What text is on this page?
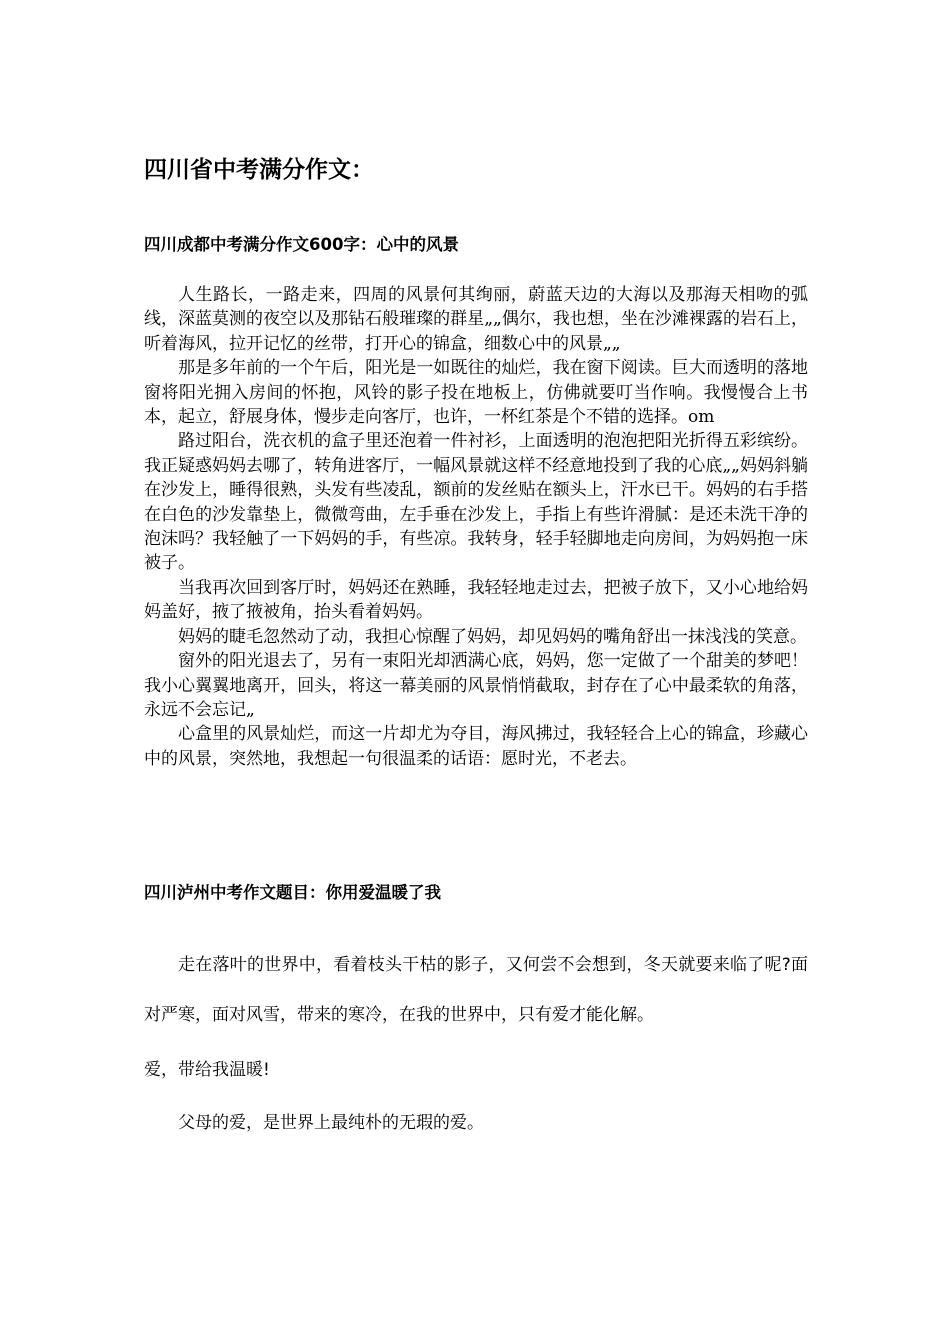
四川省中考满分作文：
四川成都中考满分作文600字：心中的风景

人生路长，一路走来，四周的风景何其绚丽，蔚蓝天边的大海以及那海天相吻的弧线，深蓝莫测的夜空以及那钻石般璀璨的群星„„偶尔，我也想，坐在沙滩裸露的岩石上，听着海风，拉开记忆的丝带，打开心的锦盒，细数心中的风景„„

那是多年前的一个午后，阳光是一如既往的灿烂，我在窗下阅读。巨大而透明的落地窗将阳光拥入房间的怀抱，风铃的影子投在地板上，仿佛就要叮当作响。我慢慢合上书本，起立，舒展身体，慢步走向客厅，也许，一杯红茶是个不错的选择。om

路过阳台，洗衣机的盒子里还泡着一件衬衫，上面透明的泡泡把阳光折得五彩缤纷。我正疑惑妈妈去哪了，转角进客厅，一幅风景就这样不经意地投到了我的心底„„妈妈斜躺在沙发上，睡得很熟，头发有些凌乱，额前的发丝贴在额头上，汗水已干。妈妈的右手搭在白色的沙发靠垫上，微微弯曲，左手垂在沙发上，手指上有些许滑腻：是还未洗干净的泡沫吗？我轻触了一下妈妈的手，有些凉。我转身，轻手轻脚地走向房间，为妈妈抱一床被子。

当我再次回到客厅时，妈妈还在熟睡，我轻轻地走过去，把被子放下，又小心地给妈妈盖好，掖了掖被角，抬头看着妈妈。

妈妈的睫毛忽然动了动，我担心惊醒了妈妈，却见妈妈的嘴角舒出一抹浅浅的笑意。

窗外的阳光退去了，另有一束阳光却洒满心底，妈妈，您一定做了一个甜美的梦吧！我小心翼翼地离开，回头，将这一幕美丽的风景悄悄截取，封存在了心中最柔软的角落，永远不会忘记„

心盒里的风景灿烂，而这一片却尤为夺目，海风拂过，我轻轻合上心的锦盒，珍藏心中的风景，突然地，我想起一句很温柔的话语：愿时光，不老去。

四川泸州中考作文题目：你用爱温暖了我

走在落叶的世界中，看着枝头干枯的影子，又何尝不会想到，冬天就要来临了呢?面对严寒，面对风雪，带来的寒冷，在我的世界中，只有爱才能化解。

爱，带给我温暖!

父母的爱，是世界上最纯朴的无瑕的爱。
